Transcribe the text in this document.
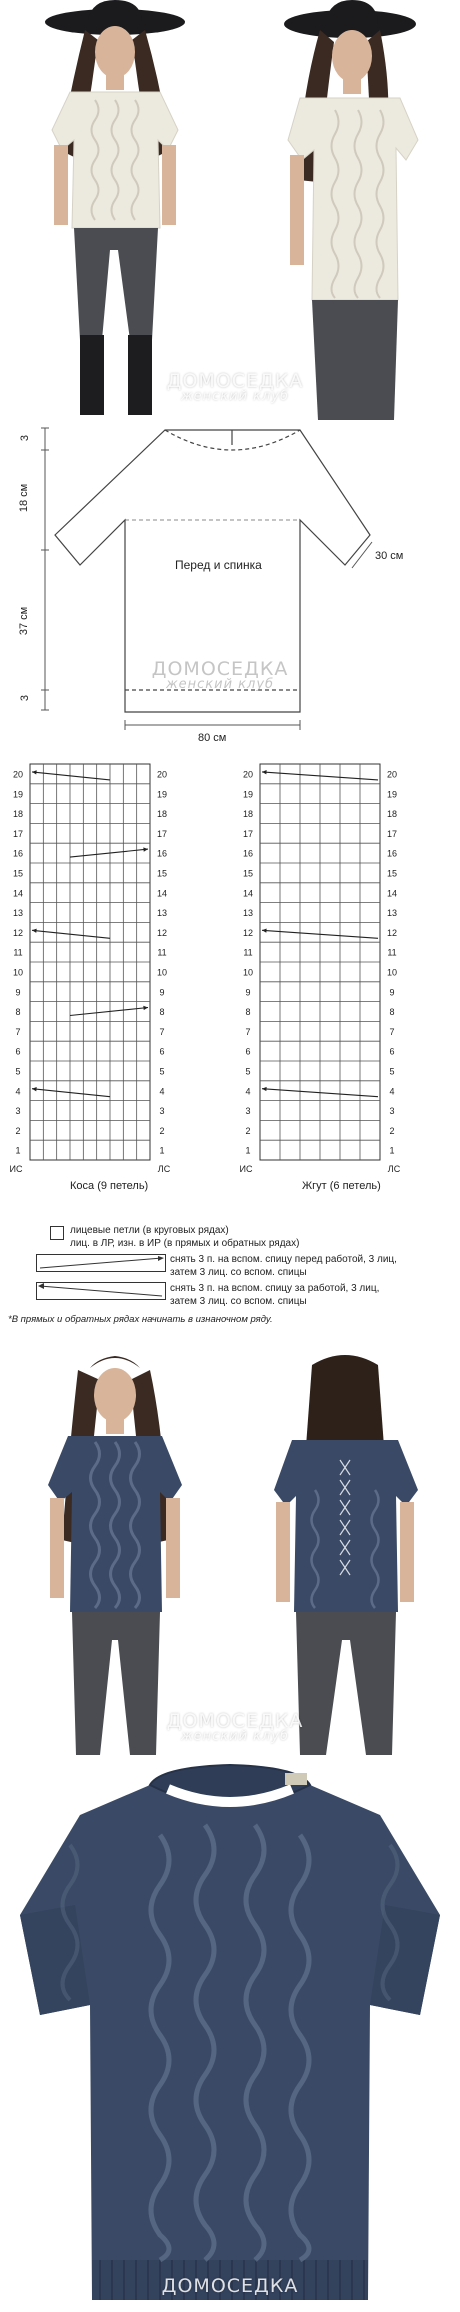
ДОМОСЕДКА
женский клуб
3
18 см
37 см
3
Перед и спинка
30 см
80 см
ДОМОСЕДКА
женский клуб
20	20
19	19
18	18
17	17
16	16
15	15
14	14
13	13
12	12
11	11
10	10
9	9
8	8
7	7
6	6
5	5
4	4
3	3
2	2
1	1
ИС	ЛС
Коса (9 петель)
20	20
19	19
18	18
17	17
16	16
15	15
14	14
13	13
12	12
11	11
10	10
9	9
8	8
7	7
6	6
5	5
4	4
3	3
2	2
1	1
ИС	ЛС
Жгут (6 петель)
лицевые петли (в круговых рядах)
лиц. в ЛР, изн. в ИР (в прямых и обратных рядах)
снять 3 п. на вспом. спицу перед работой, 3 лиц,
затем 3 лиц. со вспом. спицы
снять 3 п. на вспом. спицу за работой, 3 лиц,
затем 3 лиц. со вспом. спицы
*В прямых и обратных рядах начинать в изнаночном ряду.
ДОМОСЕДКА
женский клуб
ДОМОСЕДКА
